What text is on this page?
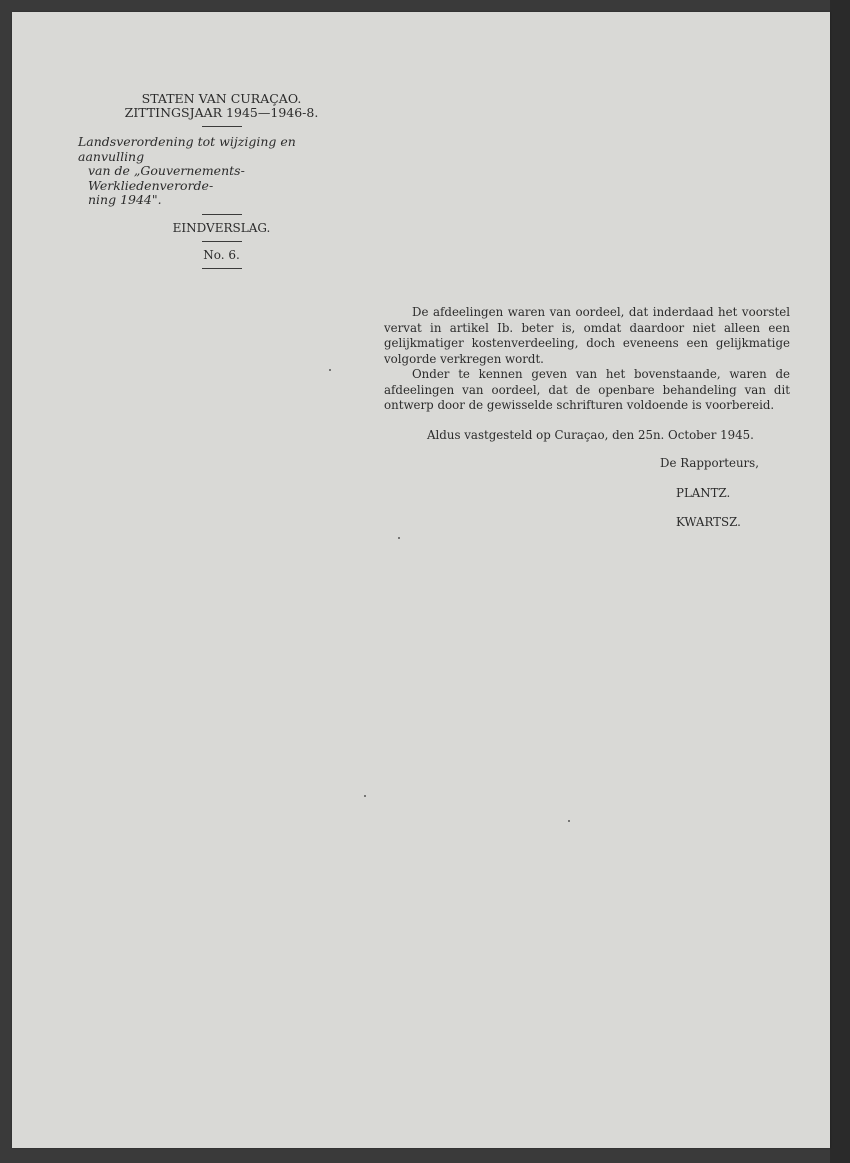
STATEN VAN CURAÇAO.
ZITTINGSJAAR 1945—1946-8.
Landsverordening tot wijziging en aanvulling
van de „Gouvernements-Werkliedenverorde-
ning 1944".
EINDVERSLAG.
No. 6.

De afdeelingen waren van oordeel, dat inderdaad het voorstel vervat in artikel Ib. beter is, omdat daardoor niet alleen een gelijkmatiger kostenverdeeling, doch eveneens een gelijkmatige volgorde verkregen wordt.

Onder te kennen geven van het bovenstaande, waren de afdeelingen van oordeel, dat de openbare behandeling van dit ontwerp door de gewisselde schrifturen voldoende is voorbereid.

Aldus vastgesteld op Curaçao, den 25n. October 1945.
De Rapporteurs,
PLANTZ.
KWARTSZ.
